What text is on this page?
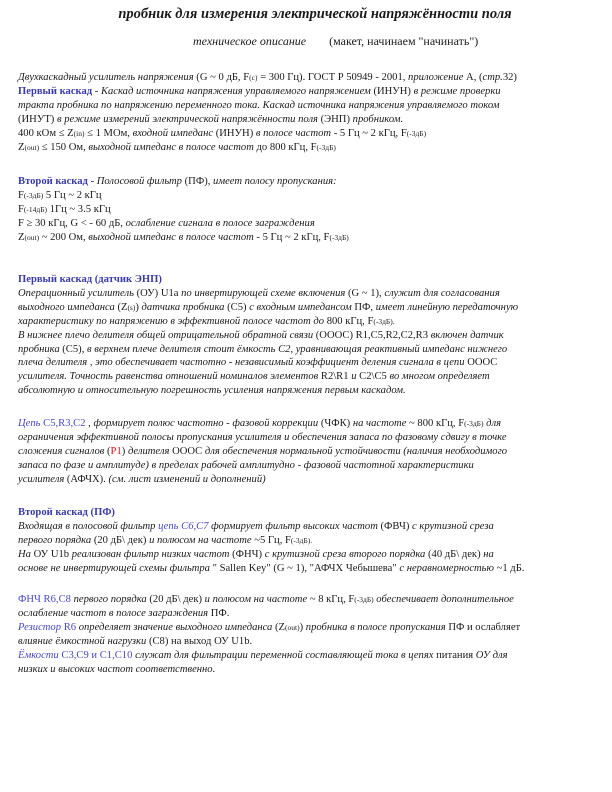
пробник для измерения электрической напряжённости поля
техническое описание (макет, начинаем "начинать")
Двухкаскадный усилитель напряжения (G ~ 0 дБ, F(c) = 300 Гц). ГОСТ Р 50949 - 2001, приложение А, (стр.32)
Первый каскад - Каскад источника напряжения управляемого напряжением (ИНУН) в режиме проверки
тракта пробника по напряжению переменного тока. Каскад источника напряжения управляемого током
(ИНУТ) в режиме измерений электрической напряжённости поля (ЭНП) пробником.
400 кОм ≤ Z(in) ≤ 1 МОм, входной импеданс (ИНУН) в полосе частот - 5 Гц ~ 2 кГц, F(-3дБ)
Z(out) ≤ 150 Ом, выходной импеданс в полосе частот до 800 кГц, F(-3дБ)
Второй каскад - Полосовой фильтр (ПФ), имеет полосу пропускания:
F(-3дБ) 5 Гц ~ 2 кГц
F(-14дБ) 1Гц ~ 3.5 кГц
F ≥ 30 кГц, G < - 60 дБ, ослабление сигнала в полосе заграждения
Z(out) ~ 200 Ом, выходной импеданс в полосе частот - 5 Гц ~ 2 кГц, F(-3дБ)
Первый каскад (датчик ЭНП)
Операционный усилитель (ОУ) U1a по инвертирующей схеме включения (G ~ 1), служит для согласования
выходного импеданса (Z(s)) датчика пробника (C5) с входным импедансом ПФ, имеет линейную передаточную
характеристику по напряжению в эффективной полосе частот до 800 кГц, F(-3дБ).
В нижнее плечо делителя общей отрицательной обратной связи (ОООС) R1,C5,R2,C2,R3 включен датчик
пробника (C5), в верхнем плече делителя стоит ёмкость С2, уравнивающая реактивный импеданс нижнего
плеча делителя , это обеспечивает частотно - независимый коэффициент деления сигнала в цепи ОООС
усилителя. Точность равенства отношений номиналов элементов R2\R1 и C2\C5 во многом определяет
абсолютную и относительную погрешность усиления напряжения первым каскадом.
Цепь C5,R3,C2 , формирует полюс частотно - фазовой коррекции (ЧФК) на частоте ~ 800 кГц, F(-3дБ) для
ограничения эффективной полосы пропускания усилителя и обеспечения запаса по фазовому сдвигу в точке
сложения сигналов (P1) делителя ОООС для обеспечения нормальной устойчивости (наличия необходимого
запаса по фазе и амплитуде) в пределах рабочей амплитудно - фазовой частотной характеристики
усилителя (АФЧХ). (см. лист изменений и дополнений)
Второй каскад (ПФ)
Входящая в полосовой фильтр цепь C6,C7 формирует фильтр высоких частот (ФВЧ) с крутизной среза
первого порядка (20 дБ\ дек) и полюсом на частоте ~5 Гц, F(-3дБ).
На ОУ U1b реализован фильтр низких частот (ФНЧ) с крутизной среза второго порядка (40 дБ\ дек) на
основе не инвертирующей схемы фильтра " Sallen Key" (G ~ 1), "АФЧХ Чебышева" с неравномерностью ~1 дБ.
ФНЧ R6,C8 первого порядка (20 дБ\ дек) и полюсом на частоте ~ 8 кГц, F(-3дБ) обеспечивает дополнительное
ослабление частот в полосе заграждения ПФ.
Резистор R6 определяет значение выходного импеданса (Z(out)) пробника в полосе пропускания ПФ и ослабляет
влияние ёмкостной нагрузки (C8) на выход ОУ U1b.
Ёмкости C3,C9 и C1,C10 служат для фильтрации переменной составляющей тока в цепях питания ОУ для
низких и высоких частот соответственно.
